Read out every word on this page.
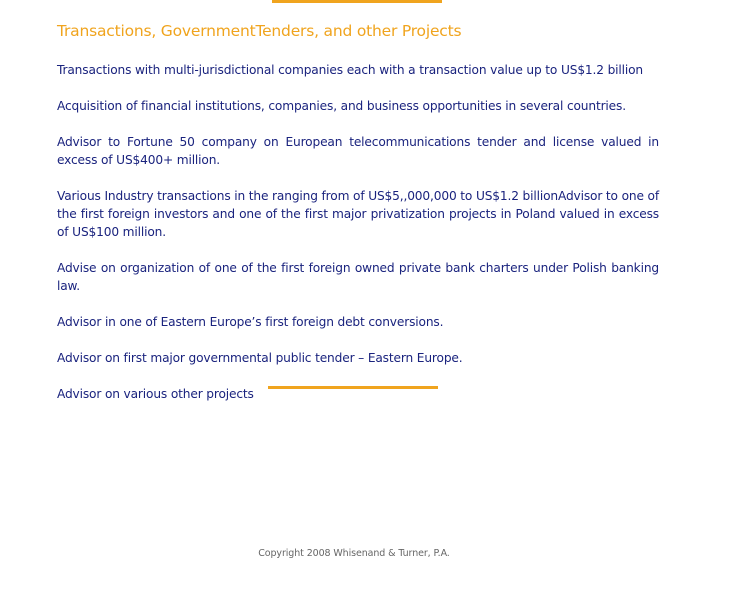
Transactions, GovernmentTenders, and other Projects
Transactions with multi-jurisdictional companies each with a transaction value up to US$1.2 billion
Acquisition of financial institutions, companies, and business opportunities in several countries.
Advisor to Fortune 50 company on European telecommunications tender and license valued in excess of US$400+ million.
Various Industry transactions in the ranging from of US$5,,000,000 to US$1.2 billionAdvisor to one of the first foreign investors and one of the first major privatization projects in Poland valued in excess of US$100 million.
Advise on organization of one of the first foreign owned private bank charters under Polish banking law.
Advisor in one of Eastern Europe’s first foreign debt conversions.
Advisor on first major governmental public tender – Eastern Europe.
Advisor on various other projects
Copyright 2008 Whisenand & Turner, P.A.
